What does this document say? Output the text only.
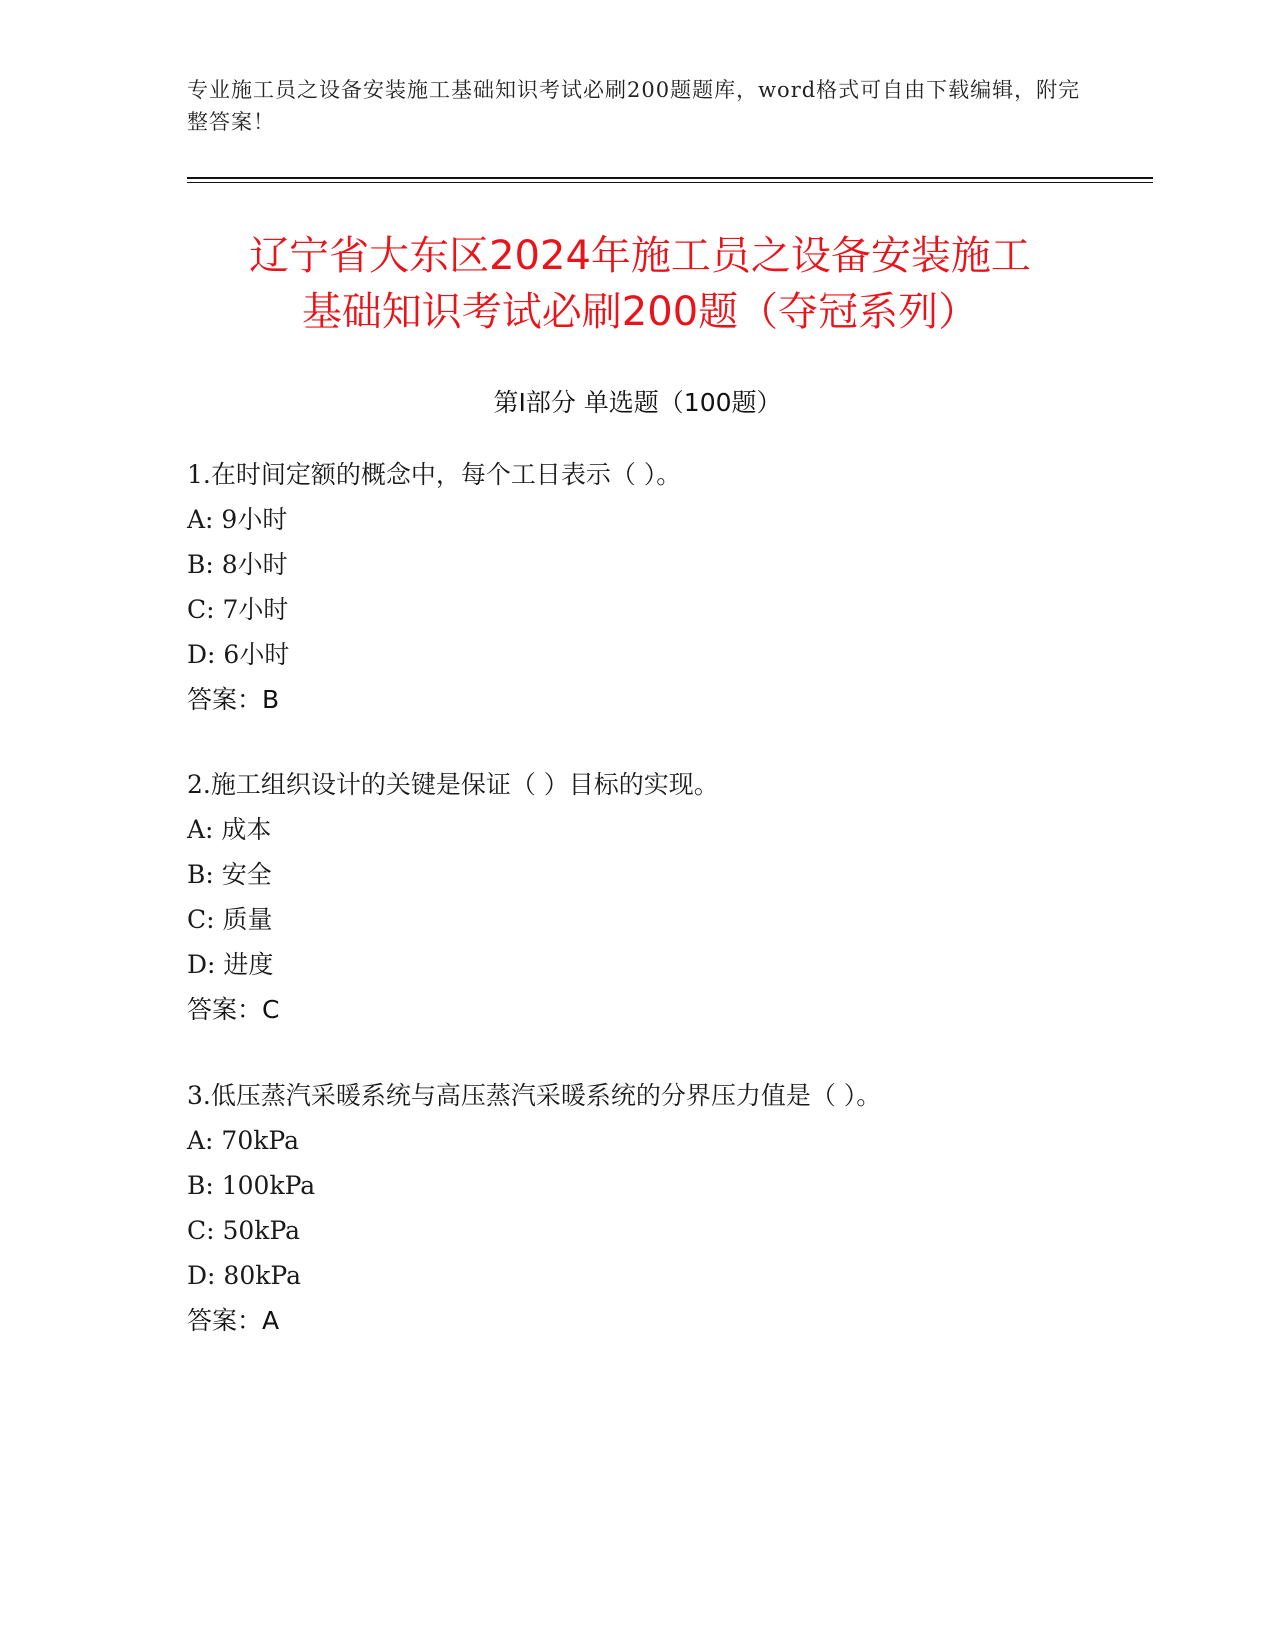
专业施工员之设备安装施工基础知识考试必刷200题题库，word格式可自由下载编辑，附完整答案！
辽宁省大东区2024年施工员之设备安装施工
基础知识考试必刷200题（夺冠系列）
第I部分 单选题（100题）
1.在时间定额的概念中，每个工日表示（ ）。
A: 9小时
B: 8小时
C: 7小时
D: 6小时
答案：B
2.施工组织设计的关键是保证（ ）目标的实现。
A: 成本
B: 安全
C: 质量
D: 进度
答案：C
3.低压蒸汽采暖系统与高压蒸汽采暖系统的分界压力值是（ ）。
A: 70kPa
B: 100kPa
C: 50kPa
D: 80kPa
答案：A
